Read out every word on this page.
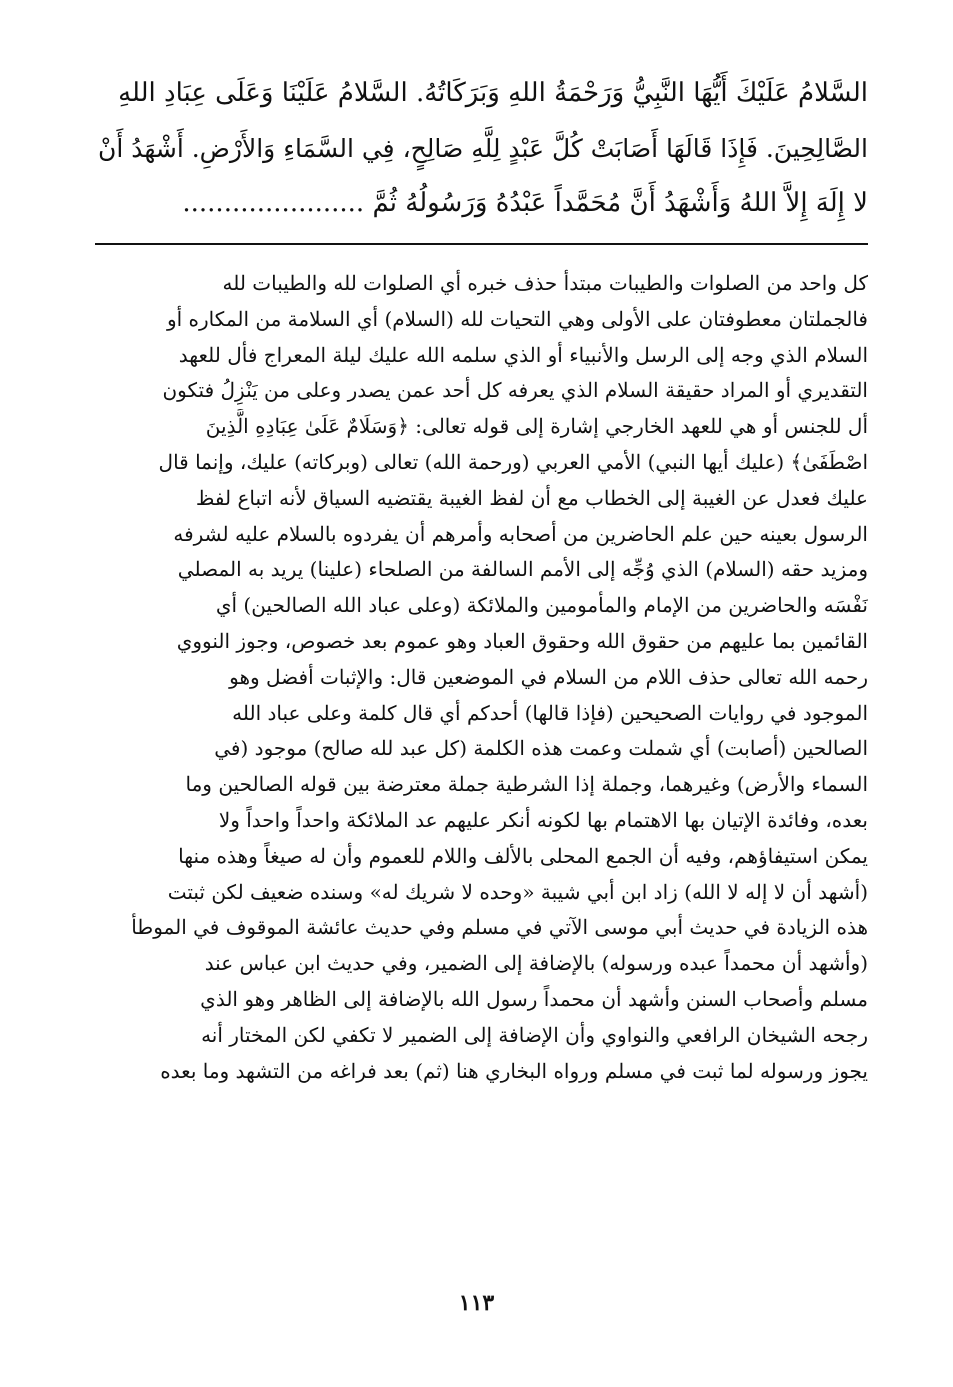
السَّلامُ عَلَيْكَ أَيُّهَا النَّبِيُّ وَرَحْمَةُ اللهِ وَبَرَكَاتُهُ. السَّلامُ عَلَيْنَا وَعَلَى عِبَادِ اللهِ
الصَّالِحِينَ. فَإِذَا قَالَهَا أَصَابَتْ كُلَّ عَبْدٍ لِلَّهِ صَالِحٍ، فِي السَّمَاءِ وَالأَرْضِ. أَشْهَدُ أَنْ
لا إِلَهَ إِلاَّ اللهُ وَأَشْهَدُ أَنَّ مُحَمَّداً عَبْدُهُ وَرَسُولُهُ ثُمَّ ......................
كل واحد من الصلوات والطيبات مبتدأ حذف خبره أي الصلوات لله والطيبات لله
فالجملتان معطوفتان على الأولى وهي التحيات لله (السلام) أي السلامة من المكاره أو
السلام الذي وجه إلى الرسل والأنبياء أو الذي سلمه الله عليك ليلة المعراج فأل للعهد
التقديري أو المراد حقيقة السلام الذي يعرفه كل أحد عمن يصدر وعلى من يَنْزِلُ فتكون
أل للجنس أو هي للعهد الخارجي إشارة إلى قوله تعالى: ﴿وَسَلَامٌ عَلَىٰ عِبَادِهِ الَّذِينَ
اصْطَفَىٰ﴾ (عليك أيها النبي) الأمي العربي (ورحمة الله) تعالى (وبركاته) عليك، وإنما قال
عليك فعدل عن الغيبة إلى الخطاب مع أن لفظ الغيبة يقتضيه السياق لأنه اتباع لفظ
الرسول بعينه حين علم الحاضرين من أصحابه وأمرهم أن يفردوه بالسلام عليه لشرفه
ومزيد حقه (السلام) الذي وُجِّه إلى الأمم السالفة من الصلحاء (علينا) يريد به المصلي
نَفْسَه والحاضرين من الإمام والمأمومين والملائكة (وعلى عباد الله الصالحين) أي
القائمين بما عليهم من حقوق الله وحقوق العباد وهو عموم بعد خصوص، وجوز النووي
رحمه الله تعالى حذف اللام من السلام في الموضعين قال: والإثبات أفضل وهو
الموجود في روايات الصحيحين (فإذا قالها) أحدكم أي قال كلمة وعلى عباد الله
الصالحين (أصابت) أي شملت وعمت هذه الكلمة (كل عبد لله صالح) موجود (في
السماء والأرض) وغيرهما، وجملة إذا الشرطية جملة معترضة بين قوله الصالحين وما
بعده، وفائدة الإتيان بها الاهتمام بها لكونه أنكر عليهم عد الملائكة واحداً واحداً ولا
يمكن استيفاؤهم، وفيه أن الجمع المحلى بالألف واللام للعموم وأن له صيغاً وهذه منها
(أشهد أن لا إله لا الله) زاد ابن أبي شيبة «وحده لا شريك له» وسنده ضعيف لكن ثبتت
هذه الزيادة في حديث أبي موسى الآتي في مسلم وفي حديث عائشة الموقوف في الموطأ
(وأشهد أن محمداً عبده ورسوله) بالإضافة إلى الضمير، وفي حديث ابن عباس عند
مسلم وأصحاب السنن وأشهد أن محمداً رسول الله بالإضافة إلى الظاهر وهو الذي
رجحه الشيخان الرافعي والنواوي وأن الإضافة إلى الضمير لا تكفي لكن المختار أنه
يجوز ورسوله لما ثبت في مسلم ورواه البخاري هنا (ثم) بعد فراغه من التشهد وما بعده
١١٣
